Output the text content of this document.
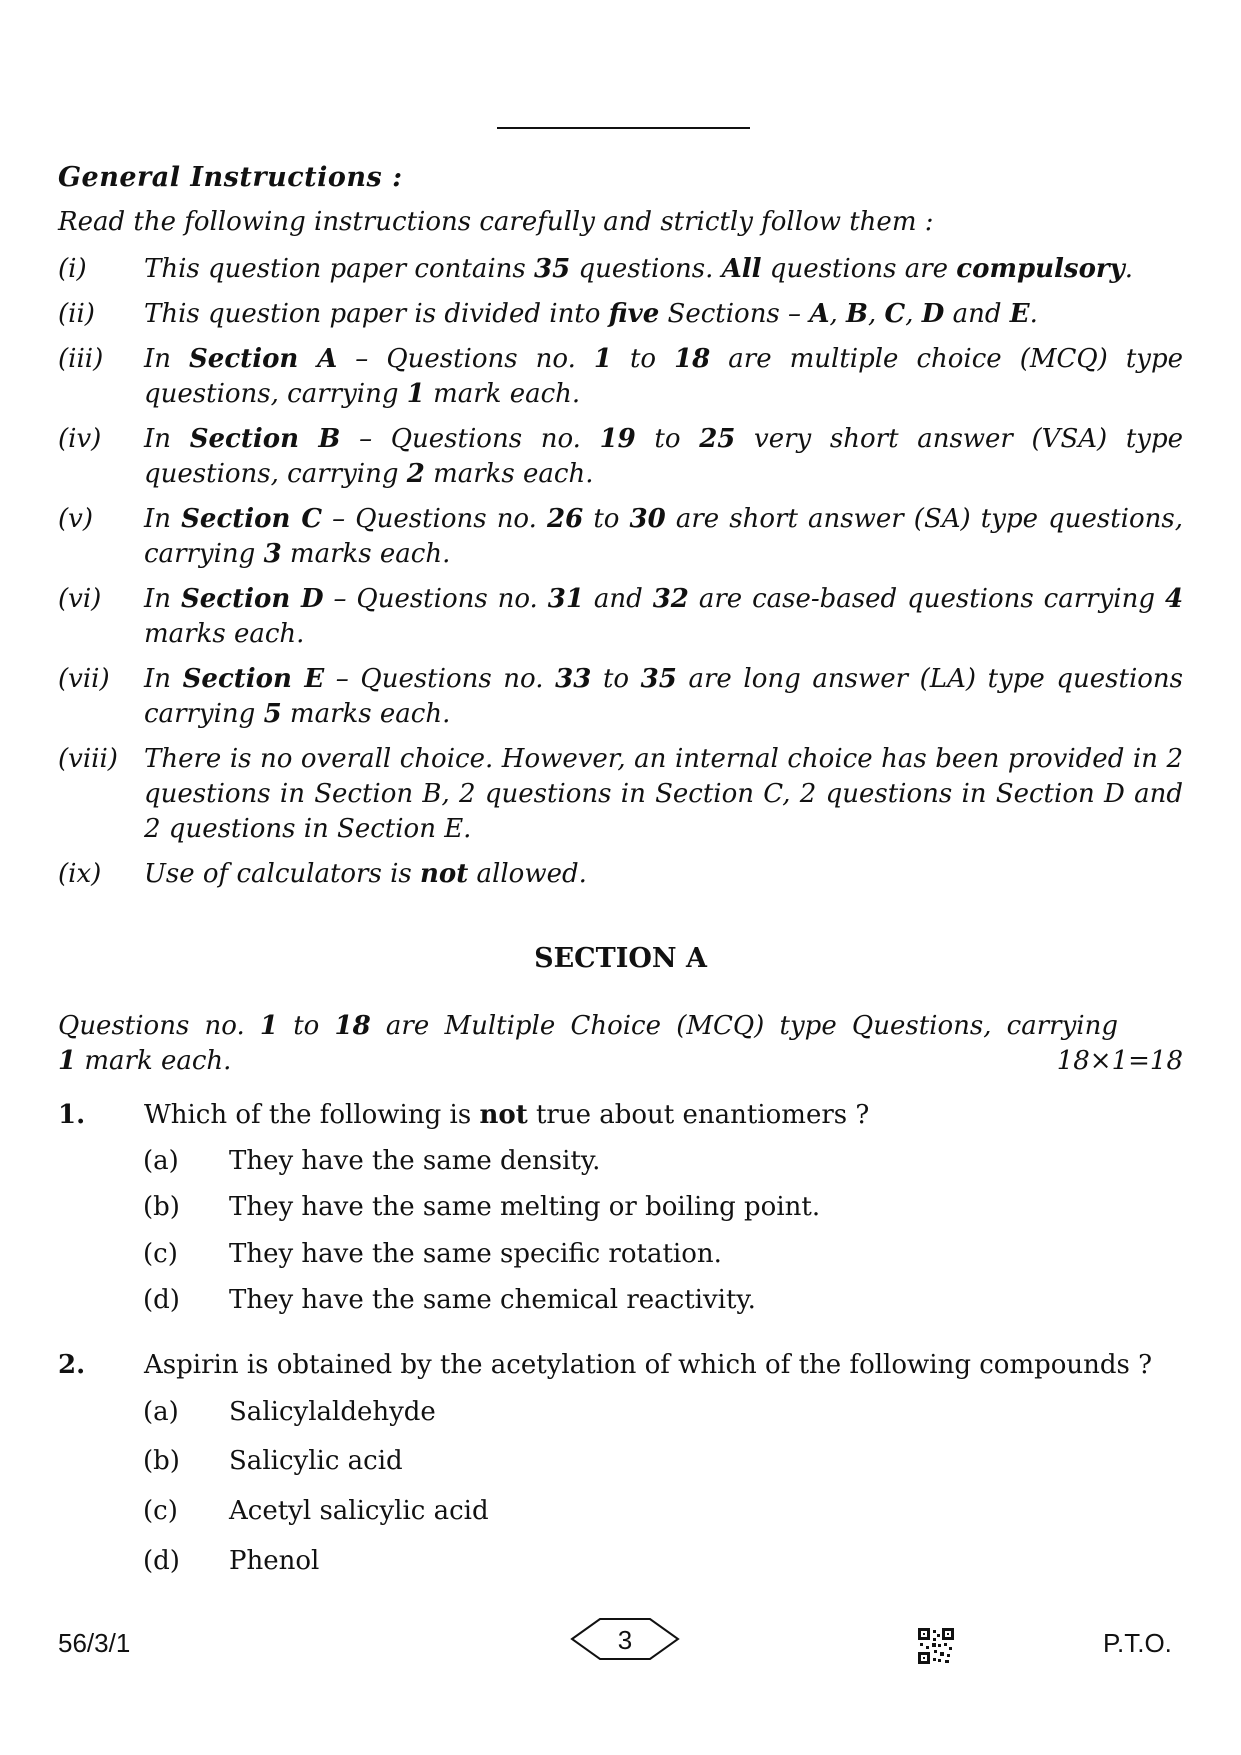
General Instructions :
Read the following instructions carefully and strictly follow them :
(i) This question paper contains 35 questions. All questions are compulsory.
(ii) This question paper is divided into five Sections – A, B, C, D and E.
(iii) In Section A – Questions no. 1 to 18 are multiple choice (MCQ) type questions, carrying 1 mark each.
(iv) In Section B – Questions no. 19 to 25 very short answer (VSA) type questions, carrying 2 marks each.
(v) In Section C – Questions no. 26 to 30 are short answer (SA) type questions, carrying 3 marks each.
(vi) In Section D – Questions no. 31 and 32 are case-based questions carrying 4 marks each.
(vii) In Section E – Questions no. 33 to 35 are long answer (LA) type questions carrying 5 marks each.
(viii) There is no overall choice. However, an internal choice has been provided in 2 questions in Section B, 2 questions in Section C, 2 questions in Section D and 2 questions in Section E.
(ix) Use of calculators is not allowed.
SECTION A
Questions no. 1 to 18 are Multiple Choice (MCQ) type Questions, carrying
1 mark each.	18×1=18
1. Which of the following is not true about enantiomers ?
(a) They have the same density.
(b) They have the same melting or boiling point.
(c) They have the same specific rotation.
(d) They have the same chemical reactivity.
2. Aspirin is obtained by the acetylation of which of the following compounds ?
(a) Salicylaldehyde
(b) Salicylic acid
(c) Acetyl salicylic acid
(d) Phenol
56/3/1	3	P.T.O.
